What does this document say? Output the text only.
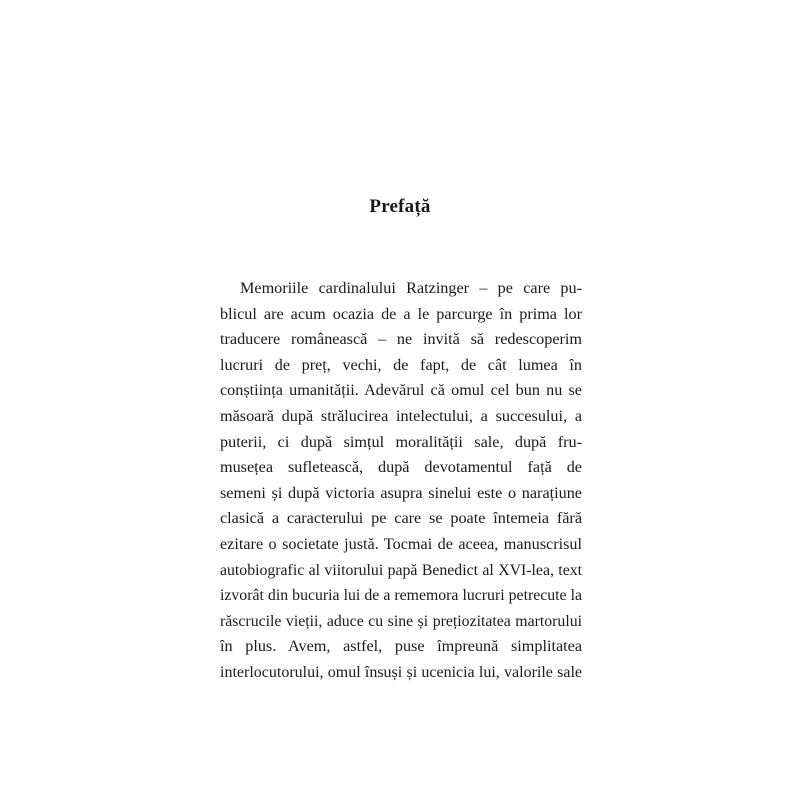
Prefață
Memoriile cardinalului Ratzinger – pe care pu-
blicul are acum ocazia de a le parcurge în prima lor
traducere românească – ne invită să redescoperim
lucruri de preț, vechi, de fapt, de cât lumea în
conștiința umanității. Adevărul că omul cel bun nu se
măsoară după strălucirea intelectului, a succesului, a
puterii, ci după simțul moralității sale, după fru-
musețea sufletească, după devotamentul față de
semeni și după victoria asupra sinelui este o narațiune
clasică a caracterului pe care se poate întemeia fără
ezitare o societate justă. Tocmai de aceea, manuscrisul
autobiografic al viitorului papă Benedict al XVI-lea, text
izvorât din bucuria lui de a rememora lucruri petrecute la
răscrucile vieții, aduce cu sine și prețiozitatea martorului
în plus. Avem, astfel, puse împreună simplitatea
interlocutorului, omul însuși și ucenicia lui, valorile sale
